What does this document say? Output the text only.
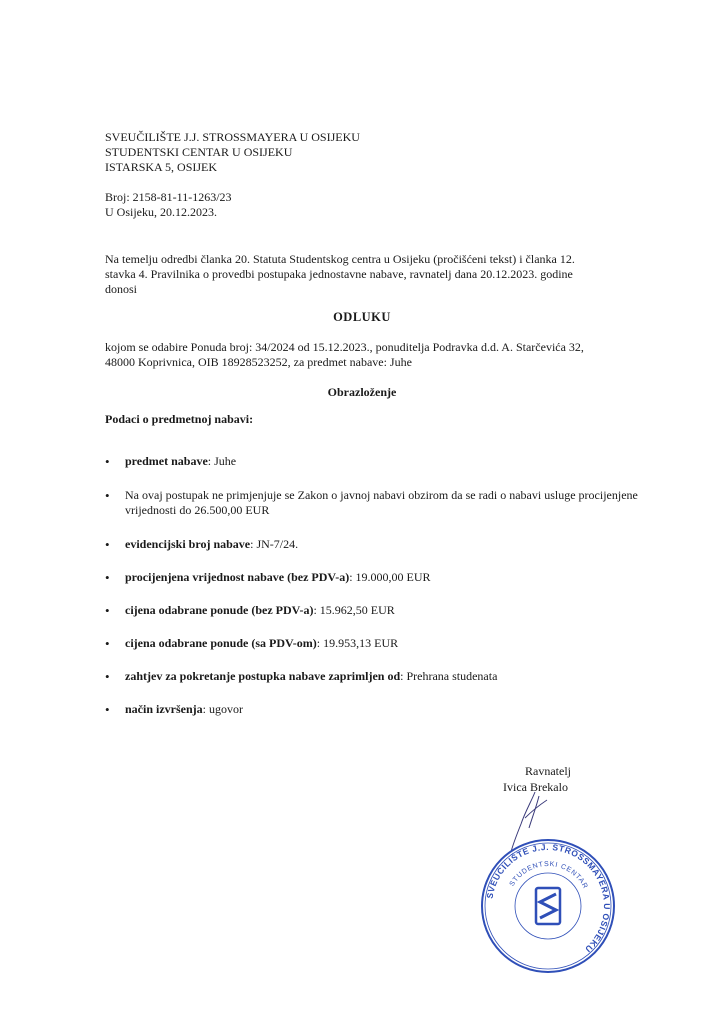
SVEUČILIŠTE J.J. STROSSMAYERA U OSIJEKU
STUDENTSKI CENTAR U OSIJEKU
ISTARSKA 5, OSIJEK
Broj: 2158-81-11-1263/23
U Osijeku, 20.12.2023.
Na temelju odredbi članka 20. Statuta Studentskog centra u Osijeku (pročišćeni tekst) i članka 12.
stavka 4. Pravilnika o provedbi postupaka jednostavne nabave, ravnatelj dana 20.12.2023. godine
donosi
ODLUKU
kojom se odabire Ponuda broj: 34/2024 od 15.12.2023., ponuditelja Podravka d.d. A. Starčevića 32,
48000 Koprivnica, OIB 18928523252, za predmet nabave: Juhe
Obrazloženje
Podaci o predmetnoj nabavi:
• predmet nabave: Juhe
• Na ovaj postupak ne primjenjuje se Zakon o javnoj nabavi obzirom da se radi o nabavi usluge procijenjene vrijednosti do 26.500,00 EUR
• evidencijski broj nabave: JN-7/24.
• procijenjena vrijednost nabave (bez PDV-a): 19.000,00 EUR
• cijena odabrane ponude (bez PDV-a): 15.962,50 EUR
• cijena odabrane ponude (sa PDV-om): 19.953,13 EUR
• zahtjev za pokretanje postupka nabave zaprimljen od: Prehrana studenata
• način izvršenja: ugovor
Ravnatelj
Ivica Brekalo
SVEUČILIŠTE J.J. STROSSMAYERA U OSIJEKU
STUDENTSKI CENTAR
